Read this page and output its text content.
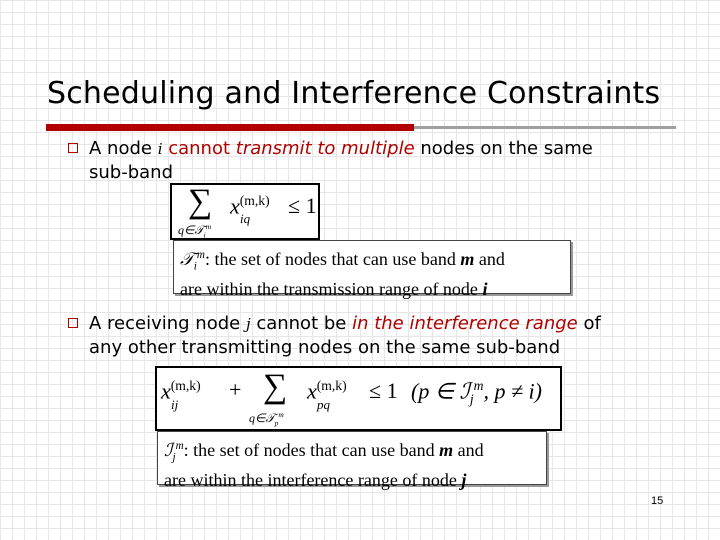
Scheduling and Interference Constraints
A node i cannot transmit to multiple nodes on the same
sub-band
∑ $x^{(m,k)}$
iq
≤ 1
q∈𝒯$_i^m$
𝒯$_i^m$: the set of nodes that can use band m and
are within the transmission range of node i
A receiving node j cannot be in the interference range of
any other transmitting nodes on the same sub-band
$x^{(m,k)}$
ij
+ ∑ $x^{(m,k)}$
pq
≤ 1 (p ∈ ℐ$_j^m$, p ≠ i)
q∈𝒯$_p^m$
ℐ$_j^m$: the set of nodes that can use band m and
are within the interference range of node j
15
